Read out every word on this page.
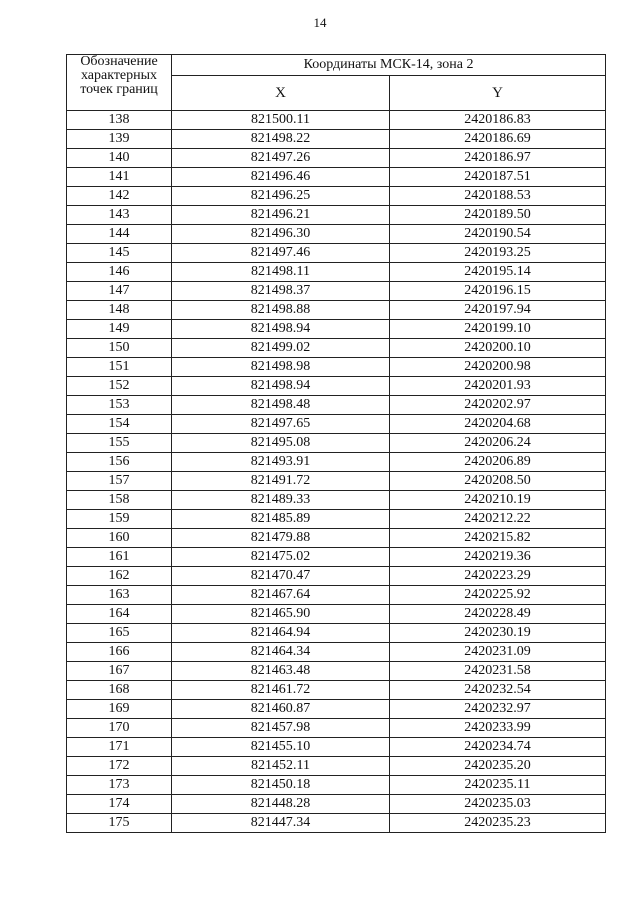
14
Обозначение характерных точек границ	Координаты МСК-14, зона 2	
	X	Y
138	821500.11	2420186.83
139	821498.22	2420186.69
140	821497.26	2420186.97
141	821496.46	2420187.51
142	821496.25	2420188.53
143	821496.21	2420189.50
144	821496.30	2420190.54
145	821497.46	2420193.25
146	821498.11	2420195.14
147	821498.37	2420196.15
148	821498.88	2420197.94
149	821498.94	2420199.10
150	821499.02	2420200.10
151	821498.98	2420200.98
152	821498.94	2420201.93
153	821498.48	2420202.97
154	821497.65	2420204.68
155	821495.08	2420206.24
156	821493.91	2420206.89
157	821491.72	2420208.50
158	821489.33	2420210.19
159	821485.89	2420212.22
160	821479.88	2420215.82
161	821475.02	2420219.36
162	821470.47	2420223.29
163	821467.64	2420225.92
164	821465.90	2420228.49
165	821464.94	2420230.19
166	821464.34	2420231.09
167	821463.48	2420231.58
168	821461.72	2420232.54
169	821460.87	2420232.97
170	821457.98	2420233.99
171	821455.10	2420234.74
172	821452.11	2420235.20
173	821450.18	2420235.11
174	821448.28	2420235.03
175	821447.34	2420235.23
